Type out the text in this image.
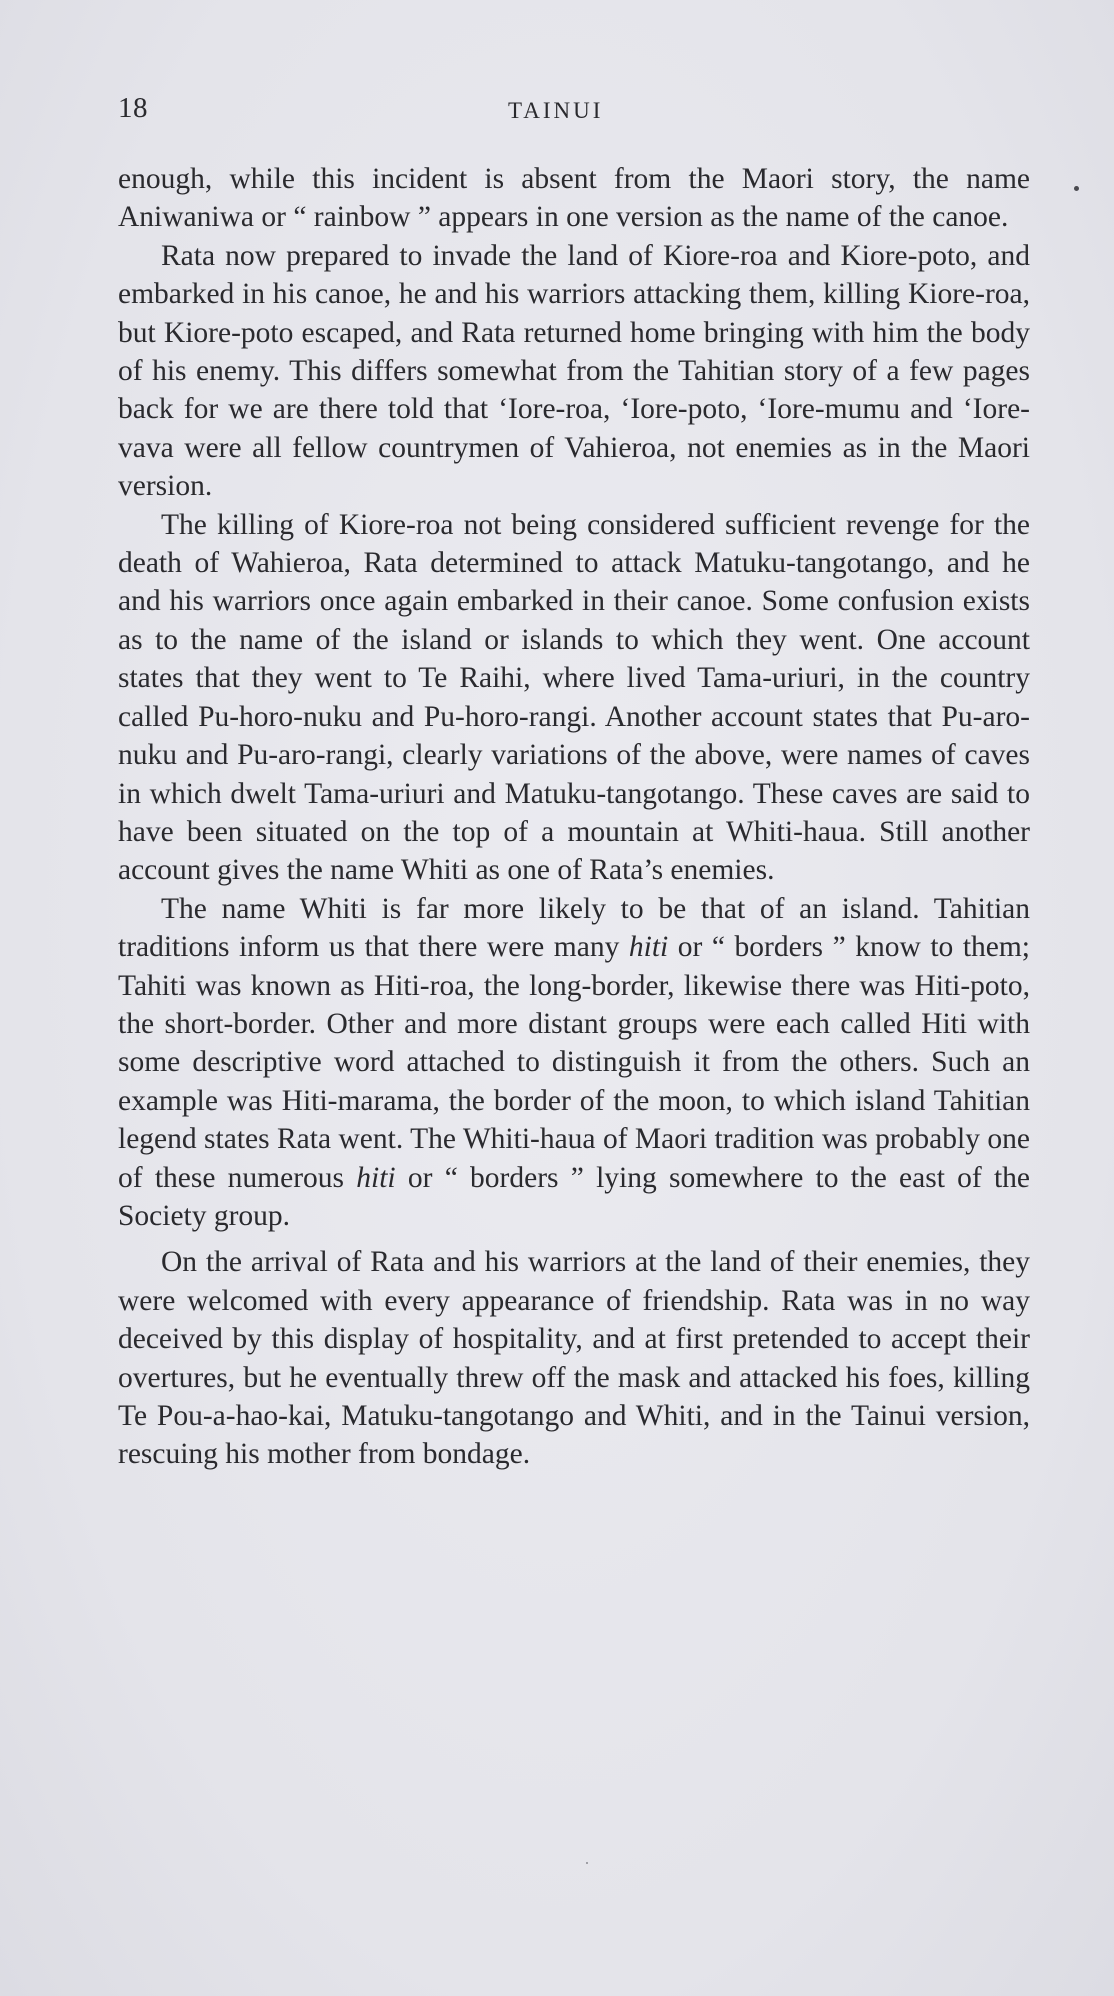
18	TAINUI

enough, while this incident is absent from the Maori story, the name Aniwaniwa or “ rainbow ” appears in one version as the name of the canoe.

Rata now prepared to invade the land of Kiore-roa and Kiore-poto, and embarked in his canoe, he and his warriors attacking them, killing Kiore-roa, but Kiore-poto escaped, and Rata returned home bringing with him the body of his enemy. This differs somewhat from the Tahitian story of a few pages back for we are there told that ‘Iore-roa, ‘Iore-poto, ‘Iore-mumu and ‘Iore-vava were all fellow countrymen of Vahieroa, not enemies as in the Maori version.

The killing of Kiore-roa not being considered sufficient revenge for the death of Wahieroa, Rata determined to attack Matuku-tangotango, and he and his warriors once again embarked in their canoe. Some confusion exists as to the name of the island or islands to which they went. One account states that they went to Te Raihi, where lived Tama-uriuri, in the country called Pu-horo-nuku and Pu-horo-rangi. Another account states that Pu-aro-nuku and Pu-aro-rangi, clearly variations of the above, were names of caves in which dwelt Tama-uriuri and Matuku-tangotango. These caves are said to have been situated on the top of a mountain at Whiti-haua. Still another account gives the name Whiti as one of Rata’s enemies.

The name Whiti is far more likely to be that of an island. Tahitian traditions inform us that there were many hiti or “ borders ” know to them; Tahiti was known as Hiti-roa, the long-border, likewise there was Hiti-poto, the short-border. Other and more distant groups were each called Hiti with some descriptive word attached to distinguish it from the others. Such an example was Hiti-marama, the border of the moon, to which island Tahitian legend states Rata went. The Whiti-haua of Maori tradition was probably one of these numerous hiti or “ borders ” lying somewhere to the east of the Society group.

On the arrival of Rata and his warriors at the land of their enemies, they were welcomed with every appearance of friendship. Rata was in no way deceived by this display of hospitality, and at first pretended to accept their overtures, but he eventually threw off the mask and attacked his foes, killing Te Pou-a-hao-kai, Matuku-tangotango and Whiti, and in the Tainui version, rescuing his mother from bondage.
